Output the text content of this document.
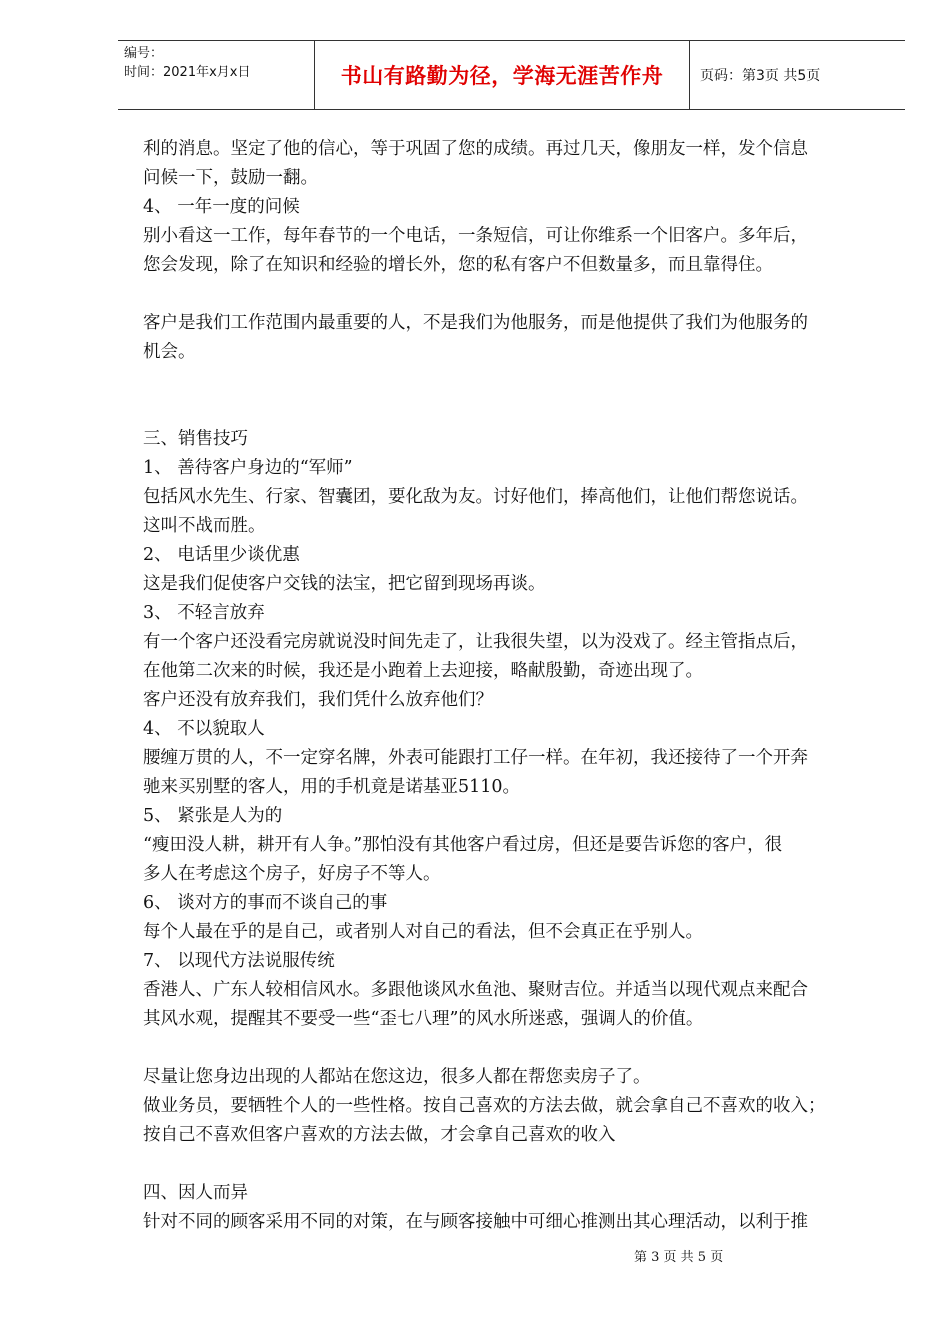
编号：
时间：2021年x月x日	书山有路勤为径，学海无涯苦作舟	页码：第3页 共5页
利的消息。坚定了他的信心，等于巩固了您的成绩。再过几天，像朋友一样，发个信息
问候一下，鼓励一翻。
4、 一年一度的问候
别小看这一工作，每年春节的一个电话，一条短信，可让你维系一个旧客户。多年后，
您会发现，除了在知识和经验的增长外，您的私有客户不但数量多，而且靠得住。
客户是我们工作范围内最重要的人，不是我们为他服务，而是他提供了我们为他服务的
机会。
三、销售技巧
1、 善待客户身边的“军师”
包括风水先生、行家、智囊团，要化敌为友。讨好他们，捧高他们，让他们帮您说话。
这叫不战而胜。
2、 电话里少谈优惠
这是我们促使客户交钱的法宝，把它留到现场再谈。
3、 不轻言放弃
有一个客户还没看完房就说没时间先走了，让我很失望，以为没戏了。经主管指点后，
在他第二次来的时候，我还是小跑着上去迎接，略献殷勤，奇迹出现了。
客户还没有放弃我们，我们凭什么放弃他们？
4、 不以貌取人
腰缠万贯的人，不一定穿名牌，外表可能跟打工仔一样。在年初，我还接待了一个开奔
驰来买别墅的客人，用的手机竟是诺基亚5110。
5、 紧张是人为的
“瘦田没人耕，耕开有人争。”那怕没有其他客户看过房，但还是要告诉您的客户，很
多人在考虑这个房子，好房子不等人。
6、 谈对方的事而不谈自己的事
每个人最在乎的是自己，或者别人对自己的看法，但不会真正在乎别人。
7、 以现代方法说服传统
香港人、广东人较相信风水。多跟他谈风水鱼池、聚财吉位。并适当以现代观点来配合
其风水观，提醒其不要受一些“歪七八理”的风水所迷惑，强调人的价值。
尽量让您身边出现的人都站在您这边，很多人都在帮您卖房子了。
做业务员，要牺牲个人的一些性格。按自己喜欢的方法去做，就会拿自己不喜欢的收入；
按自己不喜欢但客户喜欢的方法去做，才会拿自己喜欢的收入
四、因人而异
针对不同的顾客采用不同的对策，在与顾客接触中可细心推测出其心理活动，以利于推
第 3 页 共 5 页
